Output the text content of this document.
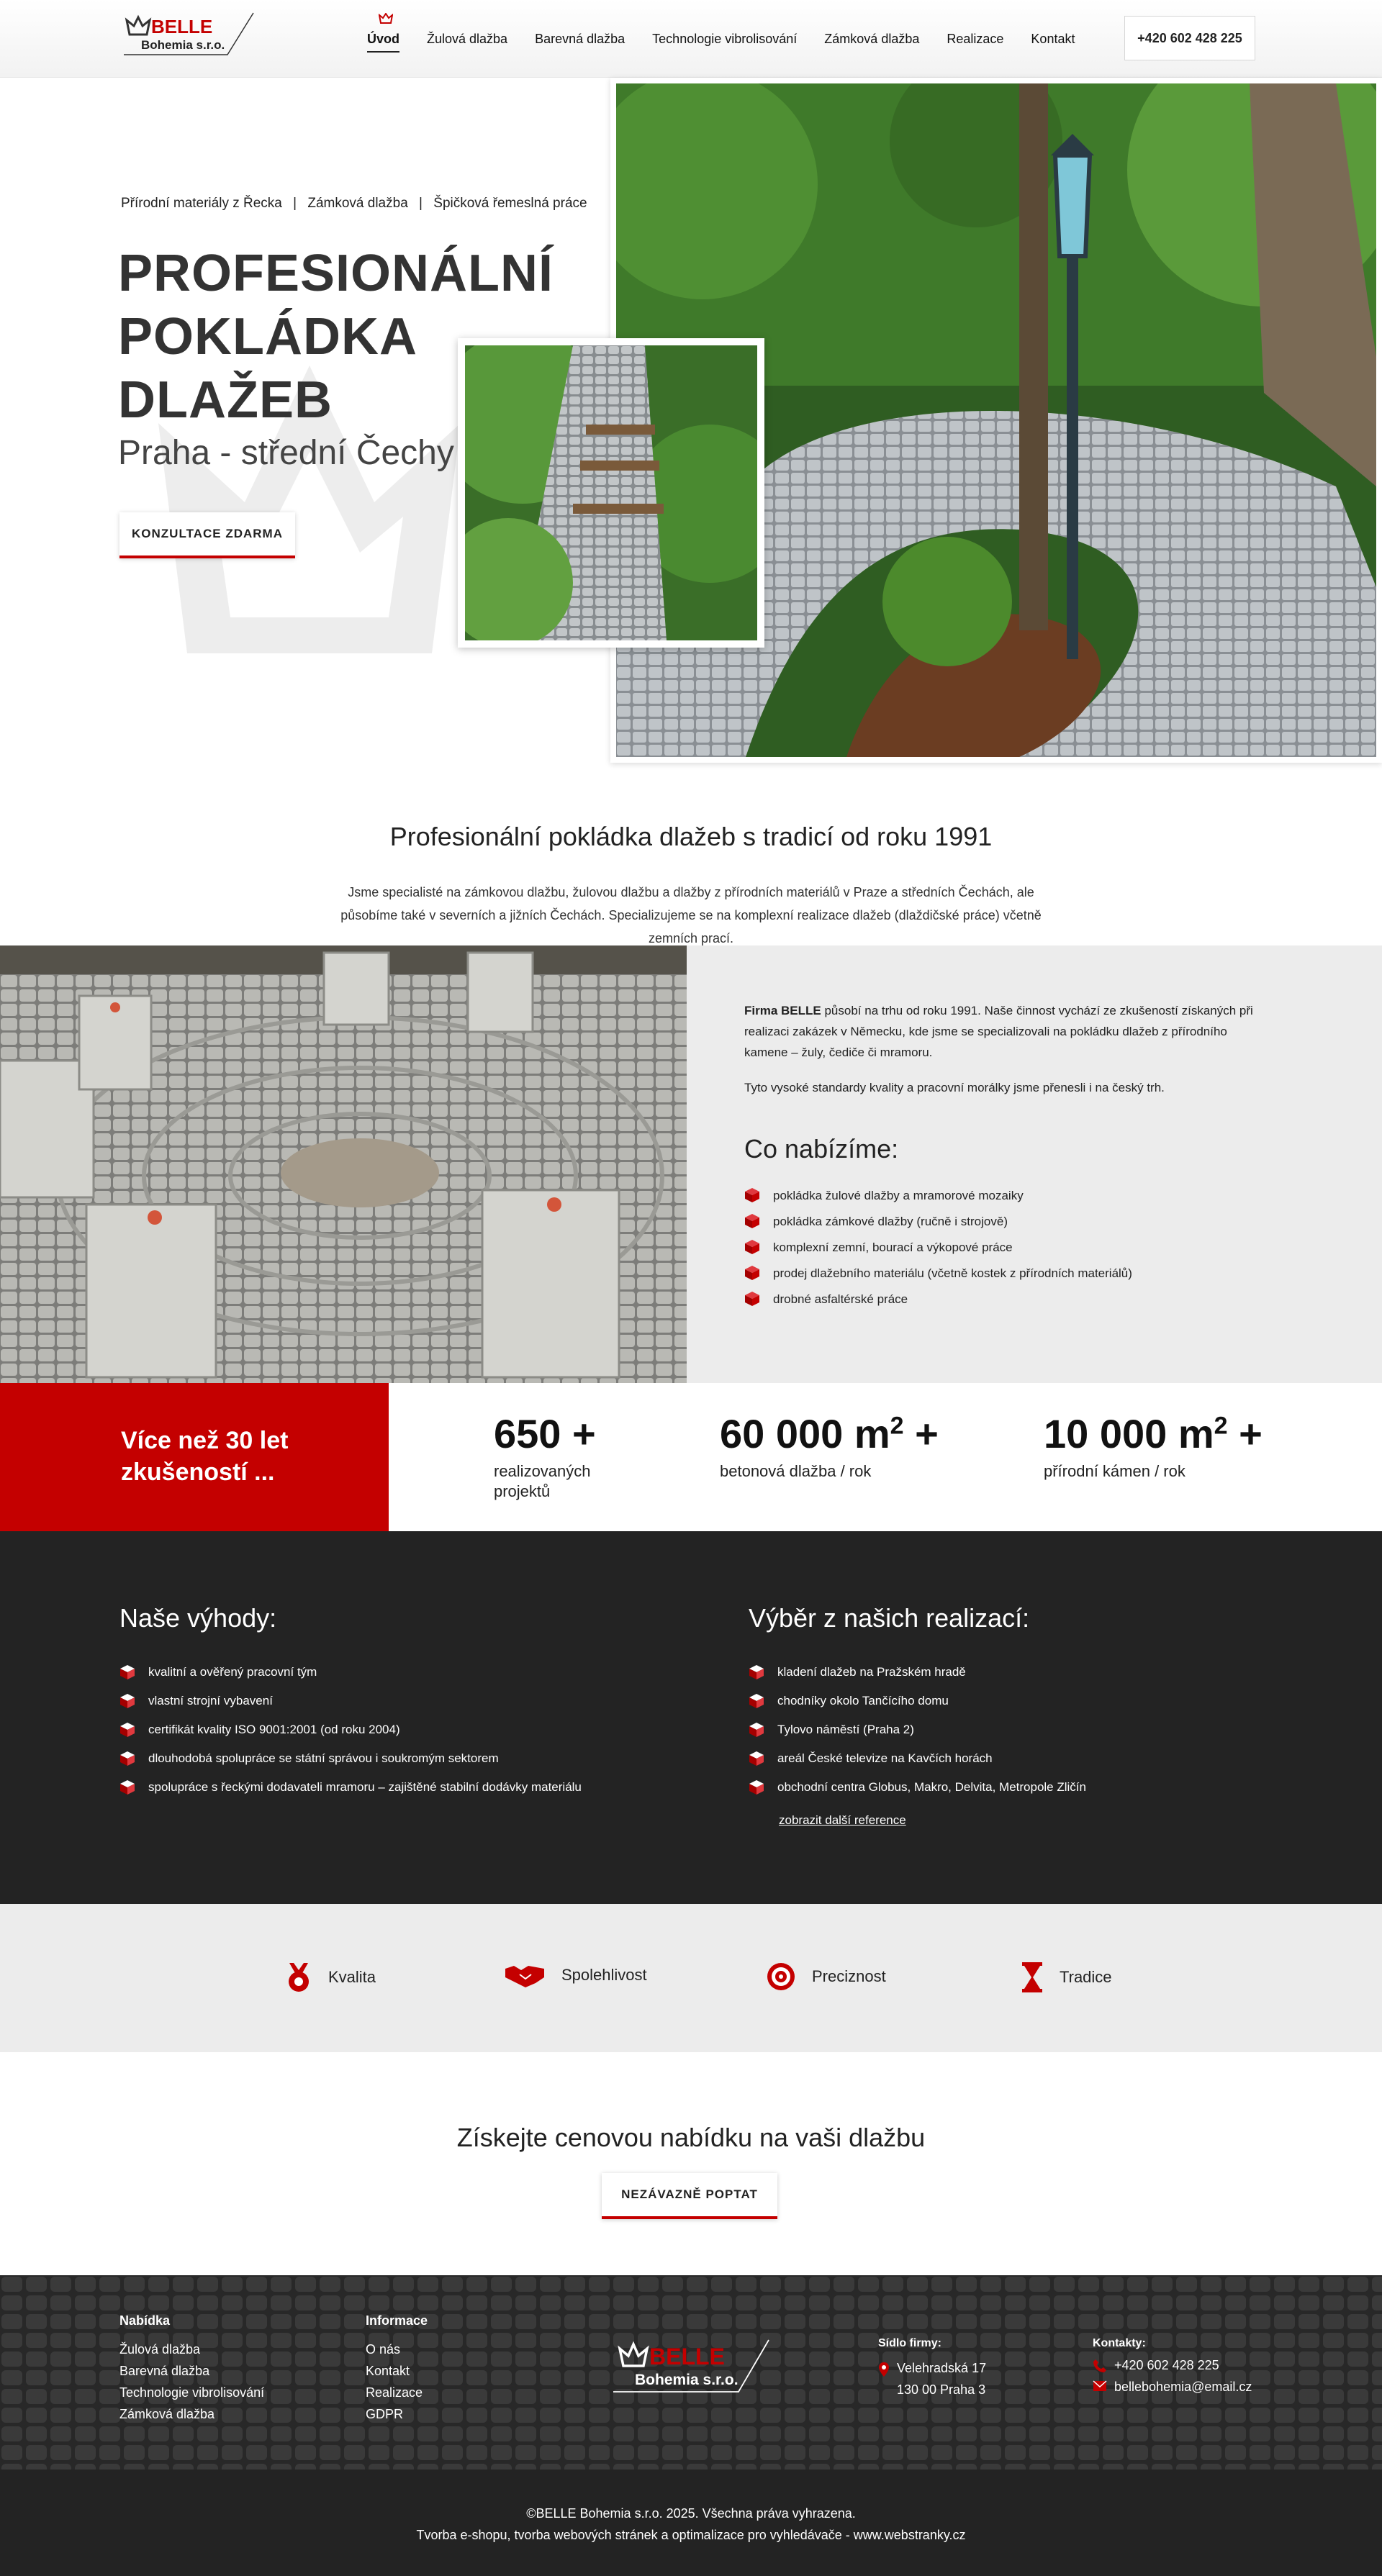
BELLE
Bohemia s.r.o.	Úvod Žulová dlažba Barevná dlažba Technologie vibrolisování Zámková dlažba Realizace Kontakt	+420 602 428 225
Přírodní materiály z Řecka | Zámková dlažba | Špičková řemeslná práce
PROFESIONÁLNÍ
POKLÁDKA
DLAŽEB
Praha - střední Čechy
KONZULTACE ZDARMA
Profesionální pokládka dlažeb s tradicí od roku 1991

Jsme specialisté na zámkovou dlažbu, žulovou dlažbu a dlažby z přírodních materiálů v Praze a středních Čechách, ale působíme také v severních a jižních Čechách. Specializujeme se na komplexní realizace dlažeb (dlaždičské práce) včetně zemních prací.

Firma BELLE působí na trhu od roku 1991. Naše činnost vychází ze zkušeností získaných při realizaci zakázek v Německu, kde jsme se specializovali na pokládku dlažeb z přírodního kamene – žuly, čediče či mramoru.

Tyto vysoké standardy kvality a pracovní morálky jsme přenesli i na český trh.

Co nabízíme:
pokládka žulové dlažby a mramorové mozaiky
pokládka zámkové dlažby (ručně i strojově)
komplexní zemní, bourací a výkopové práce
prodej dlažebního materiálu (včetně kostek z přírodních materiálů)
drobné asfaltérské práce
Více než 30 let zkušeností ...
650 +
realizovaných projektů
60 000 $m^2$ +
betonová dlažba / rok
10 000 $m^2$ +
přírodní kámen / rok
Naše výhody:
kvalitní a ověřený pracovní tým
vlastní strojní vybavení
certifikát kvality ISO 9001:2001 (od roku 2004)
dlouhodobá spolupráce se státní správou i soukromým sektorem
spolupráce s řeckými dodavateli mramoru – zajištěné stabilní dodávky materiálu
Výběr z našich realizací:
kladení dlažeb na Pražském hradě
chodníky okolo Tančícího domu
Tylovo náměstí (Praha 2)
areál České televize na Kavčích horách
obchodní centra Globus, Makro, Delvita, Metropole Zličín
zobrazit další reference
Kvalita	Spolehlivost	Preciznost	Tradice
Získejte cenovou nabídku na vaši dlažbu
NEZÁVAZNĚ POPTAT
Nabídka
Žulová dlažba
Barevná dlažba
Technologie vibrolisování
Zámková dlažba
Informace
O nás
Kontakt
Realizace
GDPR
BELLE
Bohemia s.r.o.
Sídlo firmy:
Velehradská 17
130 00 Praha 3
Kontakty:
+420 602 428 225
bellebohemia@email.cz
©BELLE Bohemia s.r.o. 2025. Všechna práva vyhrazena.
Tvorba e-shopu, tvorba webových stránek a optimalizace pro vyhledávače - www.webstranky.cz
